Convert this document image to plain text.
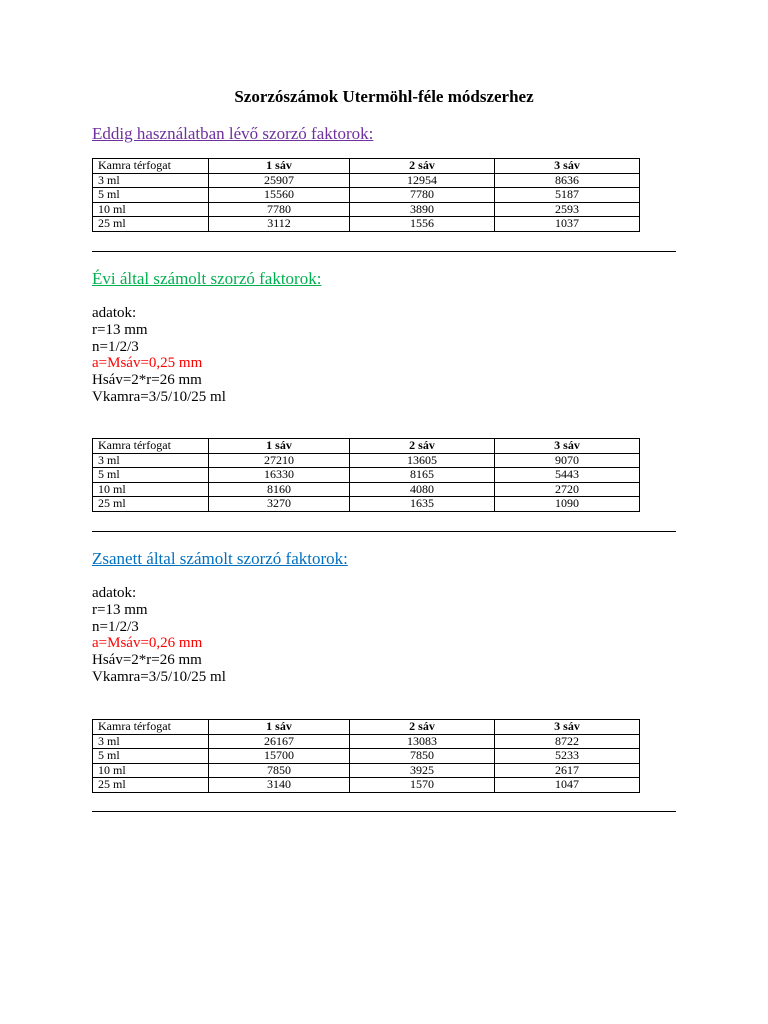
Szorzószámok Utermöhl-féle módszerhez
Eddig használatban lévő szorzó faktorok:
Kamra térfogat	1 sáv	2 sáv	3 sáv
3 ml	25907	12954	8636
5 ml	15560	7780	5187
10 ml	7780	3890	2593
25 ml	3112	1556	1037
Évi által számolt szorzó faktorok:
adatok:
r=13 mm
n=1/2/3
a=Msáv=0,25 mm
Hsáv=2*r=26 mm
Vkamra=3/5/10/25 ml
Kamra térfogat	1 sáv	2 sáv	3 sáv
3 ml	27210	13605	9070
5 ml	16330	8165	5443
10 ml	8160	4080	2720
25 ml	3270	1635	1090
Zsanett által számolt szorzó faktorok:
adatok:
r=13 mm
n=1/2/3
a=Msáv=0,26 mm
Hsáv=2*r=26 mm
Vkamra=3/5/10/25 ml
Kamra térfogat	1 sáv	2 sáv	3 sáv
3 ml	26167	13083	8722
5 ml	15700	7850	5233
10 ml	7850	3925	2617
25 ml	3140	1570	1047
